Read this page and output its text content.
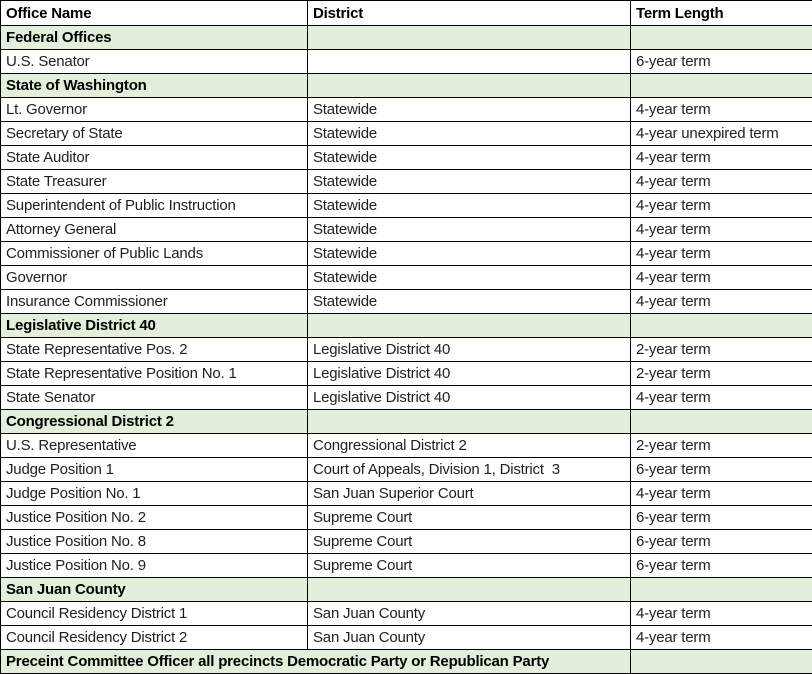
Office Name	District	Term Length
Federal Offices		
U.S. Senator		6-year term
State of Washington		
Lt. Governor	Statewide	4-year term
Secretary of State	Statewide	4-year unexpired term
State Auditor	Statewide	4-year term
State Treasurer	Statewide	4-year term
Superintendent of Public Instruction	Statewide	4-year term
Attorney General	Statewide	4-year term
Commissioner of Public Lands	Statewide	4-year term
Governor	Statewide	4-year term
Insurance Commissioner	Statewide	4-year term
Legislative District 40		
State Representative Pos. 2	Legislative District 40	2-year term
State Representative Position No. 1	Legislative District 40	2-year term
State Senator	Legislative District 40	4-year term
Congressional District 2		
U.S. Representative	Congressional District 2	2-year term
Judge Position 1	Court of Appeals, Division 1, District  3	6-year term
Judge Position No. 1	San Juan Superior Court	4-year term
Justice Position No. 2	Supreme Court	6-year term
Justice Position No. 8	Supreme Court	6-year term
Justice Position No. 9	Supreme Court	6-year term
San Juan County		
Council Residency District 1	San Juan County	4-year term
Council Residency District 2	San Juan County	4-year term
Preceint Committee Officer all precincts Democratic Party or Republican Party		
